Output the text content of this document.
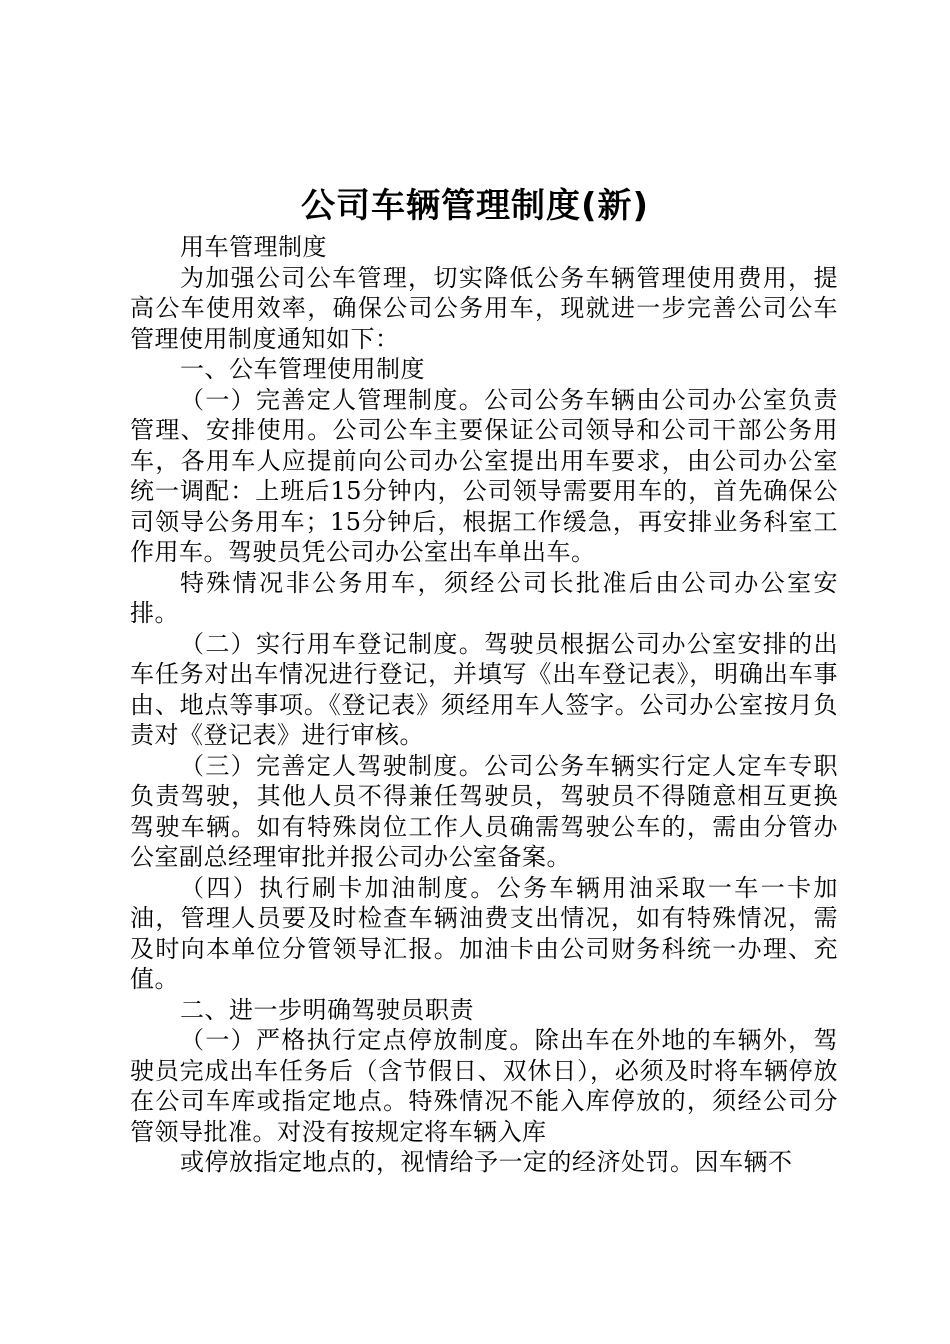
公司车辆管理制度(新)

用车管理制度

为加强公司公车管理，切实降低公务车辆管理使用费用，提高公车使用效率，确保公司公务用车，现就进一步完善公司公车管理使用制度通知如下：

一、公车管理使用制度

（一）完善定人管理制度。公司公务车辆由公司办公室负责管理、安排使用。公司公车主要保证公司领导和公司干部公务用车，各用车人应提前向公司办公室提出用车要求，由公司办公室统一调配：上班后15分钟内，公司领导需要用车的，首先确保公司领导公务用车；15分钟后，根据工作缓急，再安排业务科室工作用车。驾驶员凭公司办公室出车单出车。

特殊情况非公务用车，须经公司长批准后由公司办公室安排。

（二）实行用车登记制度。驾驶员根据公司办公室安排的出车任务对出车情况进行登记，并填写《出车登记表》，明确出车事由、地点等事项。《登记表》须经用车人签字。公司办公室按月负责对《登记表》进行审核。

（三）完善定人驾驶制度。公司公务车辆实行定人定车专职负责驾驶，其他人员不得兼任驾驶员，驾驶员不得随意相互更换驾驶车辆。如有特殊岗位工作人员确需驾驶公车的，需由分管办公室副总经理审批并报公司办公室备案。

（四）执行刷卡加油制度。公务车辆用油采取一车一卡加油，管理人员要及时检查车辆油费支出情况，如有特殊情况，需及时向本单位分管领导汇报。加油卡由公司财务科统一办理、充值。

二、进一步明确驾驶员职责

（一）严格执行定点停放制度。除出车在外地的车辆外，驾驶员完成出车任务后（含节假日、双休日），必须及时将车辆停放在公司车库或指定地点。特殊情况不能入库停放的，须经公司分管领导批准。对没有按规定将车辆入库

或停放指定地点的，视情给予一定的经济处罚。因车辆不
